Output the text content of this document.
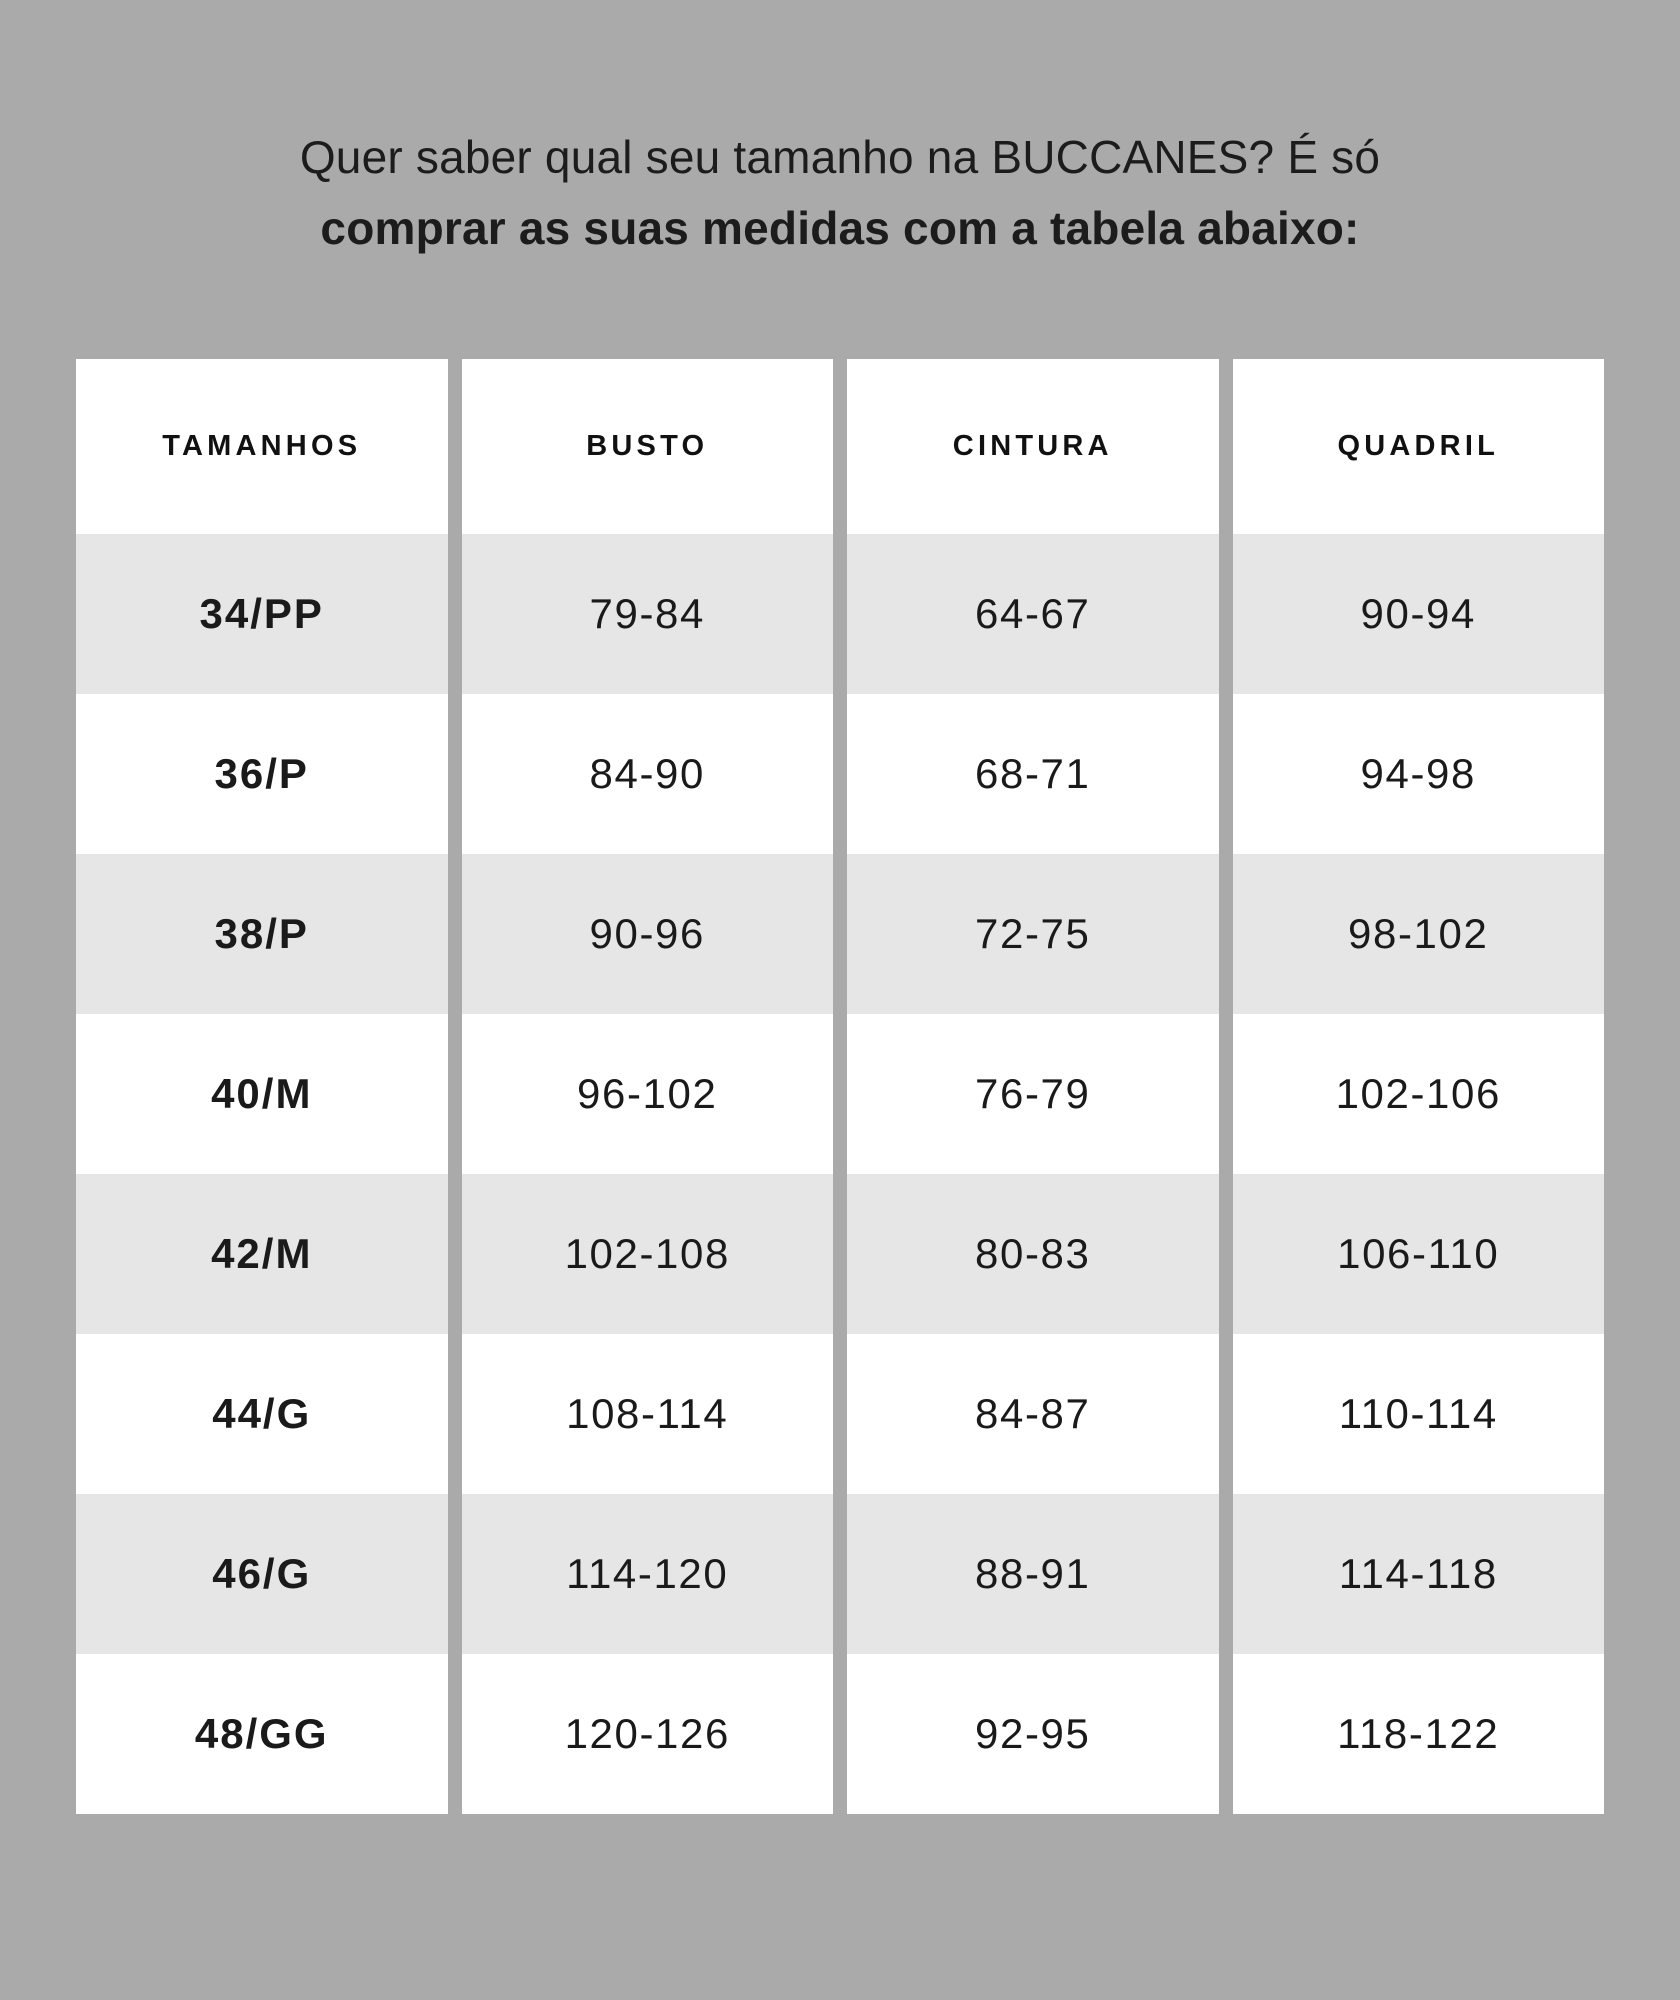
Quer saber qual seu tamanho na BUCCANES? É só
comprar as suas medidas com a tabela abaixo:
TAMANHOS
34/PP
36/P
38/P
40/M
42/M
44/G
46/G
48/GG
BUSTO
79-84
84-90
90-96
96-102
102-108
108-114
114-120
120-126
CINTURA
64-67
68-71
72-75
76-79
80-83
84-87
88-91
92-95
QUADRIL
90-94
94-98
98-102
102-106
106-110
110-114
114-118
118-122
